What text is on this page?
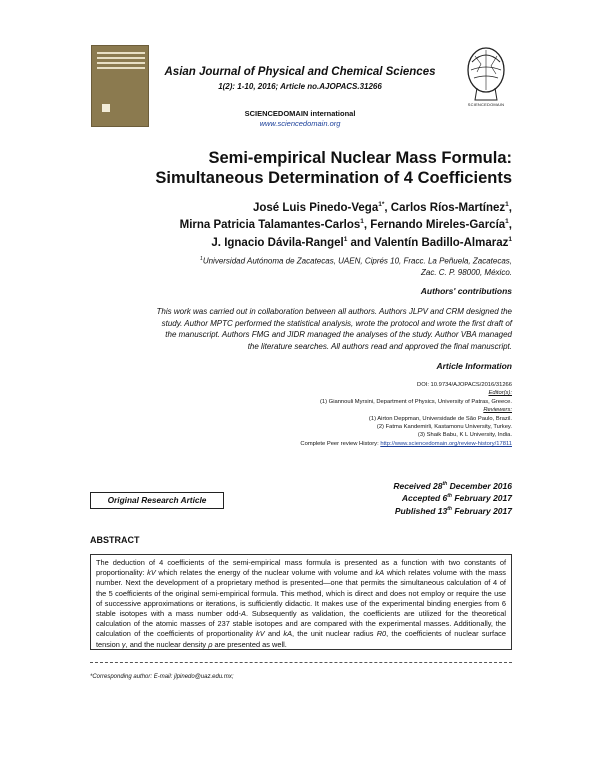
Asian Journal of Physical and Chemical Sciences
1(2): 1-10, 2016; Article no.AJOPACS.31266
SCIENCEDOMAIN international
www.sciencedomain.org
SCIENCEDOMAIN
Semi-empirical Nuclear Mass Formula:
Simultaneous Determination of 4 Coefficients
José Luis Pinedo-Vega$^{1*}$, Carlos Ríos-Martínez$^1$,
Mirna Patricia Talamantes-Carlos$^1$, Fernando Mireles-García$^1$,
J. Ignacio Dávila-Rangel$^1$ and Valentín Badillo-Almaraz$^1$
$^1$Universidad Autónoma de Zacatecas, UAEN, Ciprés 10, Fracc. La Peñuela, Zacatecas,
Zac. C. P. 98000, México.
Authors' contributions
This work was carried out in collaboration between all authors. Authors JLPV and CRM designed the
study. Author MPTC performed the statistical analysis, wrote the protocol and wrote the first draft of
the manuscript. Authors FMG and JIDR managed the analyses of the study. Author VBA managed
the literature searches. All authors read and approved the final manuscript.
Article Information
DOI: 10.9734/AJOPACS/2016/31266
Editor(s):
(1) Giannouli Myrsini, Department of Physics, University of Patras, Greece.
Reviewers:
(1) Airton Deppman, Universidade de São Paulo, Brazil.
(2) Fatma Kandemirli, Kastamonu University, Turkey.
(3) Shaik Babu, K L University, India.
Complete Peer review History: http://www.sciencedomain.org/review-history/17811
Received 28th December 2016
Accepted 6th February 2017
Published 13th February 2017
Original Research Article
ABSTRACT

The deduction of 4 coefficients of the semi-empirical mass formula is presented as a function with two constants of proportionality: kV which relates the energy of the nuclear volume with volume and kA which relates volume with the mass number. Next the development of a proprietary method is presented—one that permits the simultaneous calculation of 4 of the 5 coefficients of the original semi-empirical formula. This method, which is direct and does not employ or require the use of successive approximations or iterations, is sufficiently didactic. It makes use of the experimental binding energies from 6 stable isotopes with a mass number odd-A. Subsequently as validation, the coefficients are utilized for the theoretical calculation of the atomic masses of 237 stable isotopes and are compared with the experimental masses. Additionally, the calculation of the coefficients of proportionality kV and kA, the unit nuclear radius R0, the coefficients of nuclear surface tension γ, and the nuclear density ρ are presented as well.

*Corresponding author: E-mail: jlpinedo@uaz.edu.mx;
